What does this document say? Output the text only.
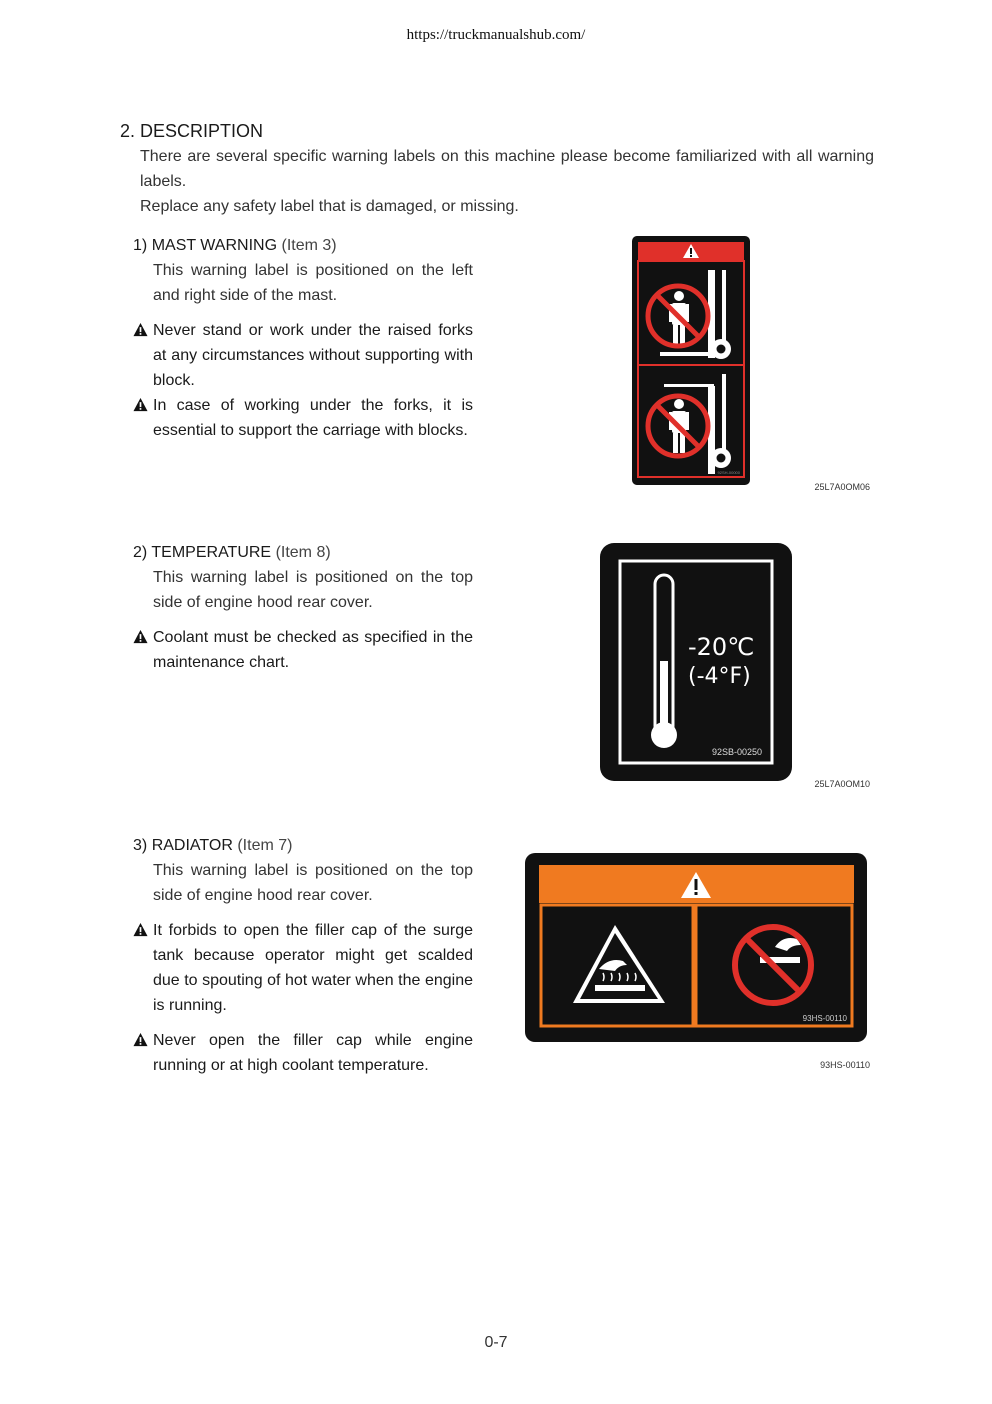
https://truckmanualshub.com/
2. DESCRIPTION

There are several specific warning labels on this machine please become familiarized with all warning labels.

Replace any safety label that is damaged, or missing.

1) MAST WARNING (Item 3)
This warning label is positioned on the left and right side of the mast.
Never stand or work under the raised forks at any circumstances without supporting with block.
In case of working under the forks, it is essential to support the carriage with blocks.
92SH-00000
25L7A0OM06
2) TEMPERATURE (Item 8)
This warning label is positioned on the top side of engine hood rear cover.
Coolant must be checked as specified in the maintenance chart.
-20℃
(-4°F)
92SB-00250
25L7A0OM10
3) RADIATOR (Item 7)
This warning label is positioned on the top side of engine hood rear cover.
It forbids to open the filler cap of the surge tank because operator might get scalded due to spouting of hot water when the engine is running.
Never open the filler cap while engine running or at high coolant temperature.
93HS-00110
93HS-00110
0-7
